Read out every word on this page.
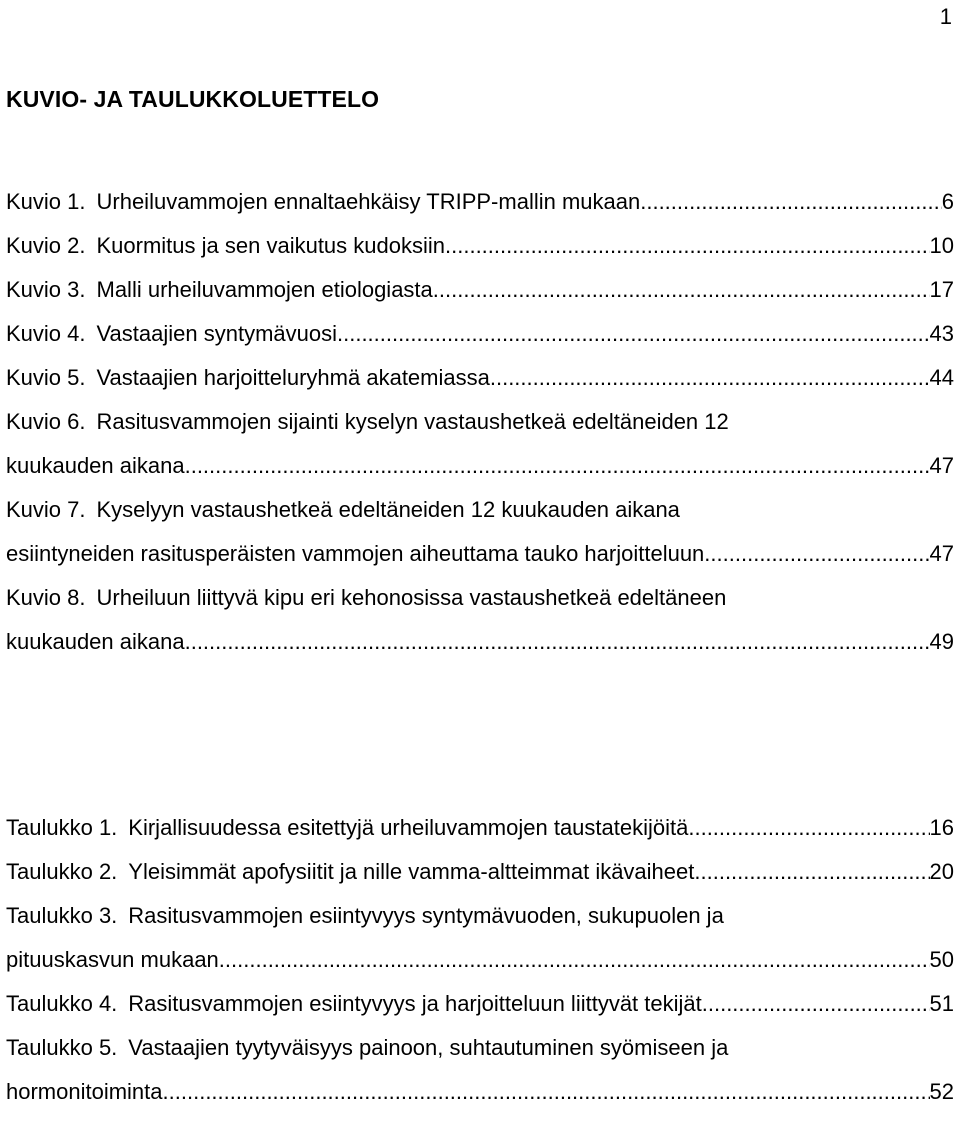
1
KUVIO- JA TAULUKKOLUETTELO
Kuvio 1. Urheiluvammojen ennaltaehkäisy TRIPP-mallin mukaan. .....	6
Kuvio 2. Kuormitus ja sen vaikutus kudoksiin. .....	10
Kuvio 3. Malli urheiluvammojen etiologiasta. .....	17
Kuvio 4. Vastaajien syntymävuosi.. .....	43
Kuvio 5. Vastaajien harjoitteluryhmä akatemiassa .....	44
Kuvio 6. Rasitusvammojen sijainti kyselyn vastaushetkeä edeltäneiden 12
kuukauden aikana .....	47
Kuvio 7. Kyselyyn vastaushetkeä edeltäneiden 12 kuukauden aikana
esiintyneiden rasitusperäisten vammojen aiheuttama tauko harjoitteluun. .....	47
Kuvio 8. Urheiluun liittyvä kipu eri kehonosissa vastaushetkeä edeltäneen
kuukauden aikana .....	49
Taulukko 1. Kirjallisuudessa esitettyjä urheiluvammojen taustatekijöitä. .....	16
Taulukko 2. Yleisimmät apofysiitit ja nille vamma-altteimmat ikävaiheet.. .....	20
Taulukko 3. Rasitusvammojen esiintyvyys syntymävuoden, sukupuolen ja
pituuskasvun mukaan. .....	50
Taulukko 4. Rasitusvammojen esiintyvyys ja harjoitteluun liittyvät tekijät. .....	51
Taulukko 5. Vastaajien tyytyväisyys painoon, suhtautuminen syömiseen ja
hormonitoiminta. .....	52
